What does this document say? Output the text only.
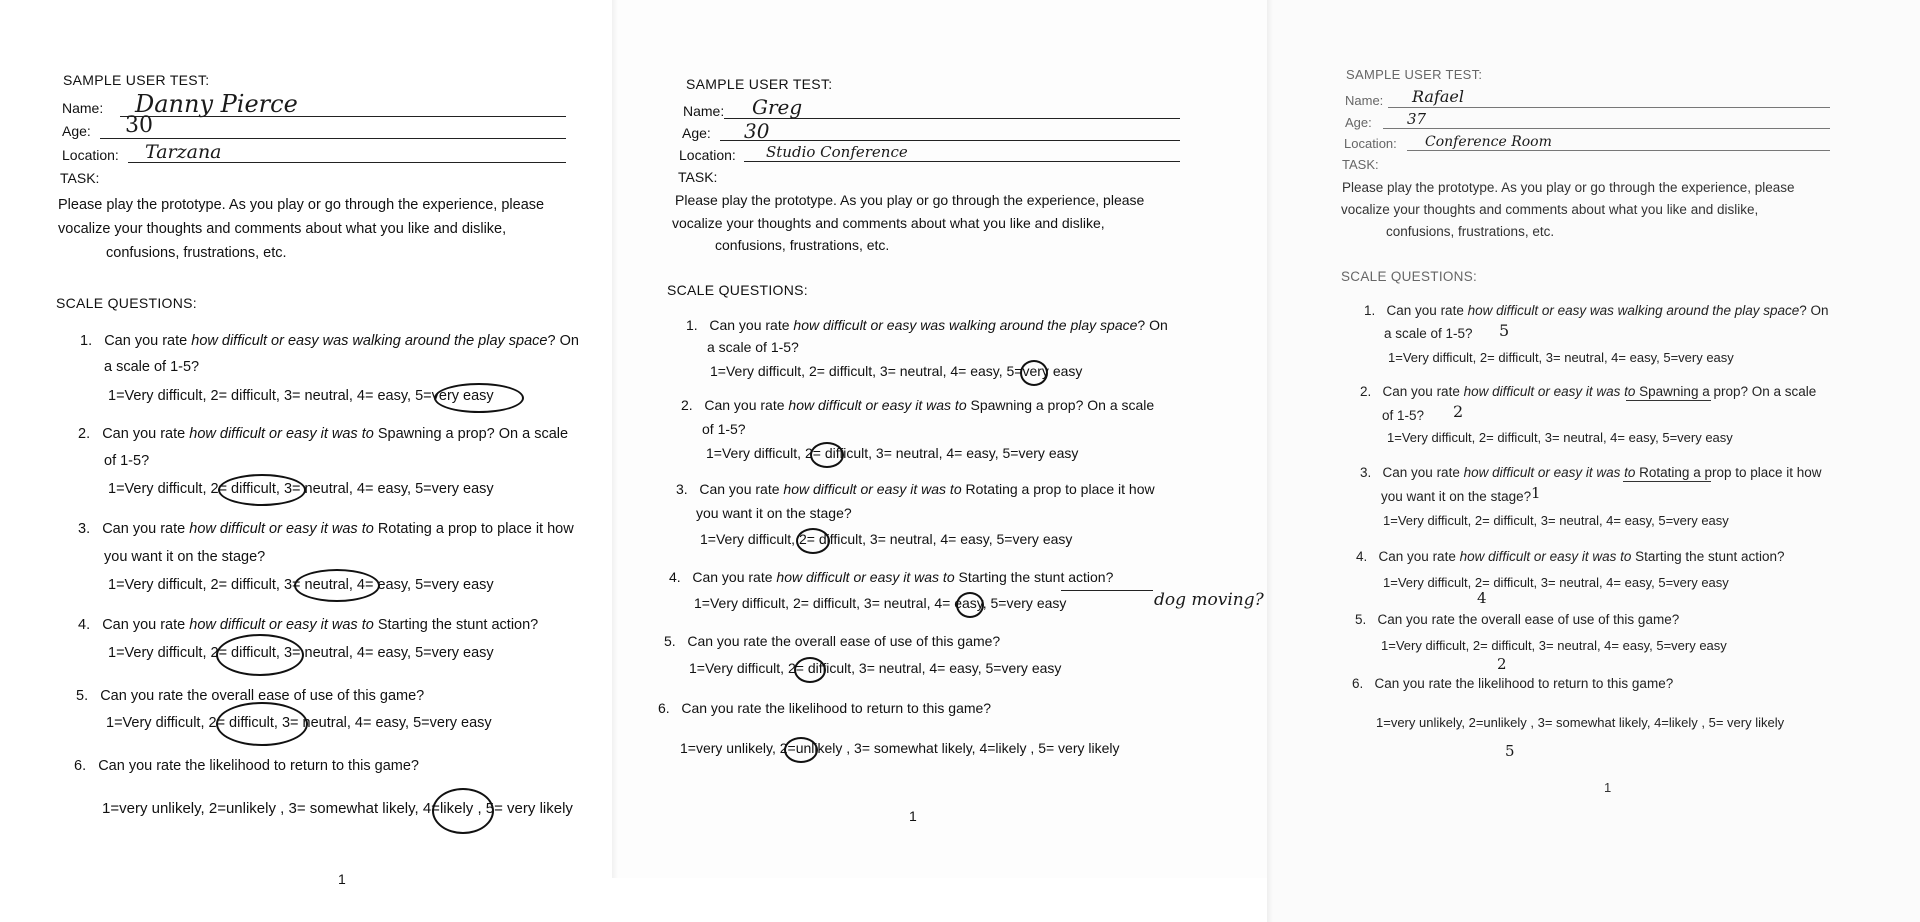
SAMPLE USER TEST:
Name: Danny Pierce
Age: 30
Location: Tarzana
TASK:
Please play the prototype. As you play or go through the experience, please
vocalize your thoughts and comments about what you like and dislike,
confusions, frustrations, etc.
SCALE QUESTIONS:
1. Can you rate how difficult or easy was walking around the play space? On
a scale of 1-5?
1=Very difficult, 2= difficult, 3= neutral, 4= easy, 5=very easy
2. Can you rate how difficult or easy it was to Spawning a prop? On a scale
of 1-5?
1=Very difficult, 2= difficult, 3= neutral, 4= easy, 5=very easy
3. Can you rate how difficult or easy it was to Rotating a prop to place it how
you want it on the stage?
1=Very difficult, 2= difficult, 3= neutral, 4= easy, 5=very easy
4. Can you rate how difficult or easy it was to Starting the stunt action?
1=Very difficult, 2= difficult, 3= neutral, 4= easy, 5=very easy
5. Can you rate the overall ease of use of this game?
1=Very difficult, 2= difficult, 3= neutral, 4= easy, 5=very easy
6. Can you rate the likelihood to return to this game?
1=very unlikely, 2=unlikely , 3= somewhat likely, 4=likely , 5= very likely
1
SAMPLE USER TEST:
Name: Greg
Age: 30
Location: Studio Conference
TASK:
Please play the prototype. As you play or go through the experience, please
vocalize your thoughts and comments about what you like and dislike,
confusions, frustrations, etc.
SCALE QUESTIONS:
1. Can you rate how difficult or easy was walking around the play space? On
a scale of 1-5?
1=Very difficult, 2= difficult, 3= neutral, 4= easy, 5=very easy
2. Can you rate how difficult or easy it was to Spawning a prop? On a scale
of 1-5?
1=Very difficult, 2= difficult, 3= neutral, 4= easy, 5=very easy
3. Can you rate how difficult or easy it was to Rotating a prop to place it how
you want it on the stage?
1=Very difficult, 2= difficult, 3= neutral, 4= easy, 5=very easy
4. Can you rate how difficult or easy it was to Starting the stunt action?
1=Very difficult, 2= difficult, 3= neutral, 4= easy, 5=very easy	dog moving?
5. Can you rate the overall ease of use of this game?
1=Very difficult, 2= difficult, 3= neutral, 4= easy, 5=very easy
6. Can you rate the likelihood to return to this game?
1=very unlikely, 2=unlikely , 3= somewhat likely, 4=likely , 5= very likely
1
SAMPLE USER TEST:
Name: Rafael
Age: 37
Location: Conference Room
TASK:
Please play the prototype. As you play or go through the experience, please
vocalize your thoughts and comments about what you like and dislike,
confusions, frustrations, etc.
SCALE QUESTIONS:
1. Can you rate how difficult or easy was walking around the play space? On
a scale of 1-5? 5
1=Very difficult, 2= difficult, 3= neutral, 4= easy, 5=very easy
2. Can you rate how difficult or easy it was to Spawning a prop? On a scale
of 1-5? 2
1=Very difficult, 2= difficult, 3= neutral, 4= easy, 5=very easy
3. Can you rate how difficult or easy it was to Rotating a prop to place it how
you want it on the stage? 1
1=Very difficult, 2= difficult, 3= neutral, 4= easy, 5=very easy
4. Can you rate how difficult or easy it was to Starting the stunt action?
1=Very difficult, 2= difficult, 3= neutral, 4= easy, 5=very easy
4
5. Can you rate the overall ease of use of this game?
1=Very difficult, 2= difficult, 3= neutral, 4= easy, 5=very easy
2
6. Can you rate the likelihood to return to this game?
1=very unlikely, 2=unlikely , 3= somewhat likely, 4=likely , 5= very likely
5
1
